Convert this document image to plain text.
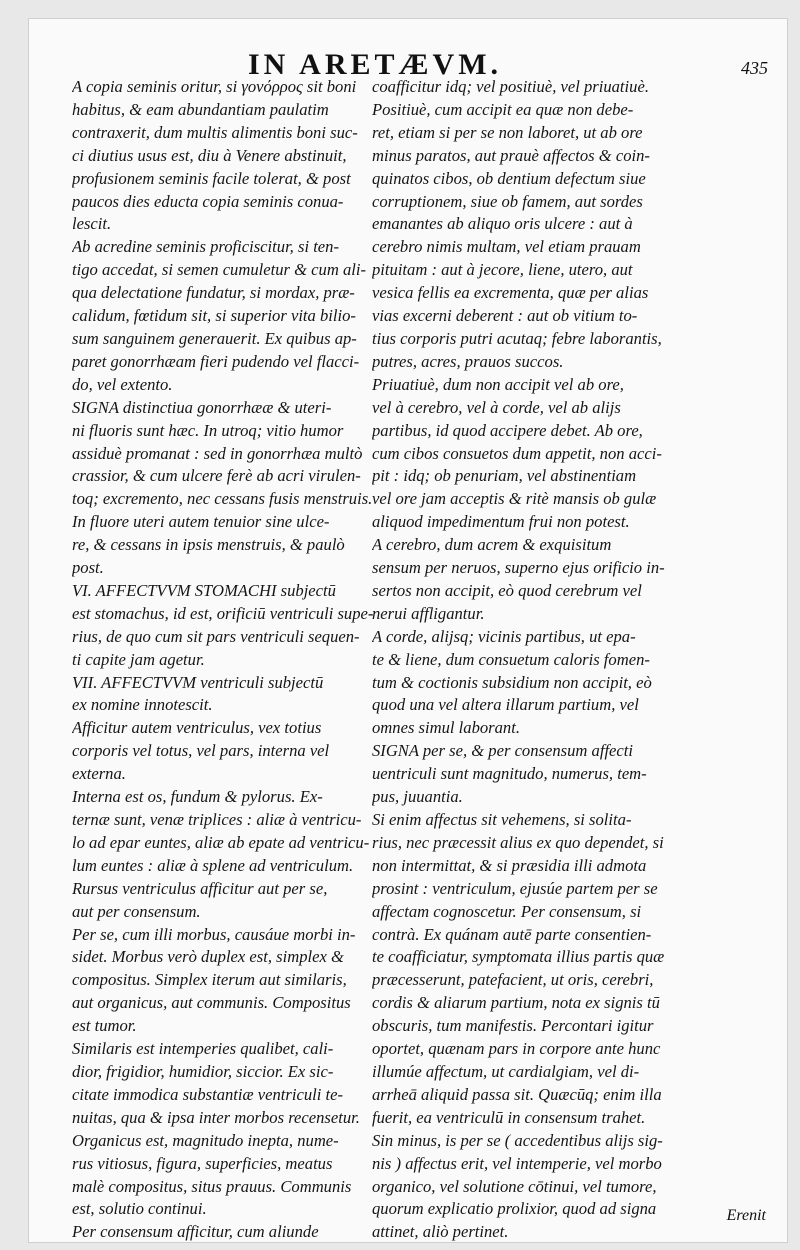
IN ARETÆVM.	435
A copia seminis oritur, si γονόρρος sit boni
habitus, & eam abundantiam paulatim
contraxerit, dum multis alimentis boni suc-
ci diutius usus est, diu à Venere abstinuit,
profusionem seminis facile tolerat, & post
paucos dies educta copia seminis conua-
lescit.
Ab acredine seminis proficiscitur, si ten-
tigo accedat, si semen cumuletur & cum ali-
qua delectatione fundatur, si mordax, præ-
calidum, fœtidum sit, si superior vita bilio-
sum sanguinem generauerit. Ex quibus ap-
paret gonorrhæam fieri pudendo vel flacci-
do, vel extento.
SIGNA distinctiua gonorrhææ & uteri-
ni fluoris sunt hæc. In utroq; vitio humor
assiduè promanat : sed in gonorrhæa multò
crassior, & cum ulcere ferè ab acri virulen-
toq; excremento, nec cessans fusis menstruis.
In fluore uteri autem tenuior sine ulce-
re, & cessans in ipsis menstruis, & paulò
post.
VI. AFFECTVVM STOMACHI subjectū
est stomachus, id est, orificiū ventriculi supe-
rius, de quo cum sit pars ventriculi sequen-
ti capite jam agetur.
VII. AFFECTVVM ventriculi subjectū
ex nomine innotescit.
Afficitur autem ventriculus, vex totius
corporis vel totus, vel pars, interna vel
externa.
Interna est os, fundum & pylorus. Ex-
ternæ sunt, venæ triplices : aliæ à ventricu-
lo ad epar euntes, aliæ ab epate ad ventricu-
lum euntes : aliæ à splene ad ventriculum.
Rursus ventriculus afficitur aut per se,
aut per consensum.
Per se, cum illi morbus, causáue morbi in-
sidet. Morbus verò duplex est, simplex &
compositus. Simplex iterum aut similaris,
aut organicus, aut communis. Compositus
est tumor.
Similaris est intemperies qualibet, cali-
dior, frigidior, humidior, siccior. Ex sic-
citate immodica substantiæ ventriculi te-
nuitas, qua & ipsa inter morbos recensetur.
Organicus est, magnitudo inepta, nume-
rus vitiosus, figura, superficies, meatus
malè compositus, situs prauus. Communis
est, solutio continui.
Per consensum afficitur, cum aliunde
coafficitur idq; vel positiuè, vel priuatiuè.
Positiuè, cum accipit ea quæ non debe-
ret, etiam si per se non laboret, ut ab ore
minus paratos, aut prauè affectos & coin-
quinatos cibos, ob dentium defectum siue
corruptionem, siue ob famem, aut sordes
emanantes ab aliquo oris ulcere : aut à
cerebro nimis multam, vel etiam prauam
pituitam : aut à jecore, liene, utero, aut
vesica fellis ea excrementa, quæ per alias
vias excerni deberent : aut ob vitium to-
tius corporis putri acutaq; febre laborantis,
putres, acres, prauos succos.
Priuatiuè, dum non accipit vel ab ore,
vel à cerebro, vel à corde, vel ab alijs
partibus, id quod accipere debet. Ab ore,
cum cibos consuetos dum appetit, non acci-
pit : idq; ob penuriam, vel abstinentiam
vel ore jam acceptis & ritè mansis ob gulæ
aliquod impedimentum frui non potest.
A cerebro, dum acrem & exquisitum
sensum per neruos, superno ejus orificio in-
sertos non accipit, eò quod cerebrum vel
nerui affligantur.
A corde, alijsq; vicinis partibus, ut epa-
te & liene, dum consuetum caloris fomen-
tum & coctionis subsidium non accipit, eò
quod una vel altera illarum partium, vel
omnes simul laborant.
SIGNA per se, & per consensum affecti
uentriculi sunt magnitudo, numerus, tem-
pus, juuantia.
Si enim affectus sit vehemens, si solita-
rius, nec præcessit alius ex quo dependet, si
non intermittat, & si præsidia illi admota
prosint : ventriculum, ejusúe partem per se
affectam cognoscetur. Per consensum, si
contrà. Ex quánam autē parte consentien-
te coafficiatur, symptomata illius partis quæ
præcesserunt, patefacient, ut oris, cerebri,
cordis & aliarum partium, nota ex signis tū
obscuris, tum manifestis. Percontari igitur
oportet, quænam pars in corpore ante hunc
illumúe affectum, ut cardialgiam, vel di-
arrheā aliquid passa sit. Quæcūq; enim illa
fuerit, ea ventriculū in consensum trahet.
Sin minus, is per se ( accedentibus alijs sig-
nis ) affectus erit, vel intemperie, vel morbo
organico, vel solutione cōtinui, vel tumore,
quorum explicatio prolixior, quod ad signa
attinet, aliò pertinet.
Erenit
